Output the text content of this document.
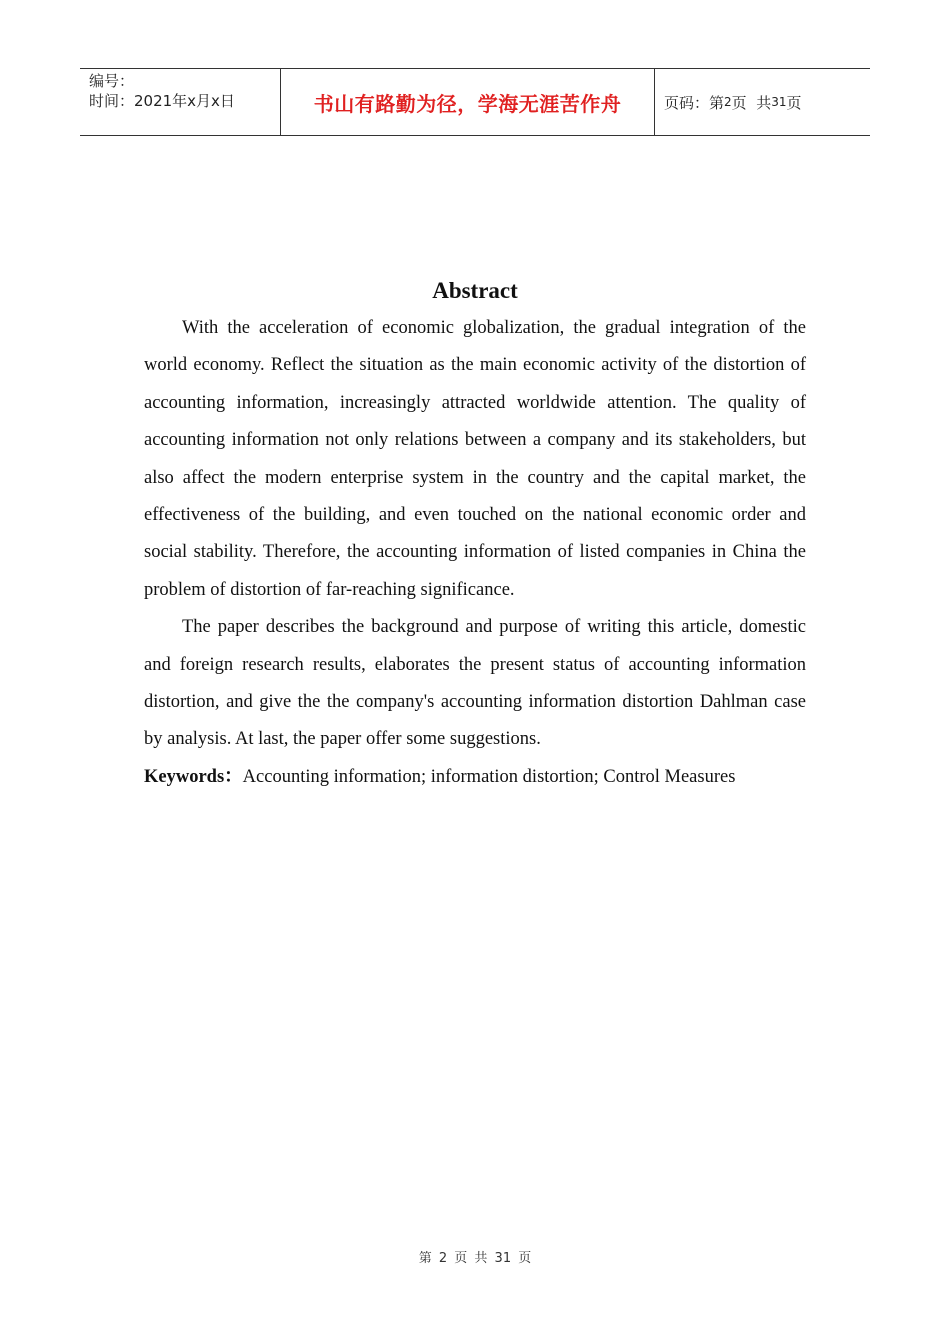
编号：
时间：2021年x月x日	书山有路勤为径，学海无涯苦作舟	页码：第 2 页  共 31 页
Abstract

With the acceleration of economic globalization, the gradual integration of the world economy. Reflect the situation as the main economic activity of the distortion of accounting information, increasingly attracted worldwide attention. The quality of accounting information not only relations between a company and its stakeholders, but also affect the modern enterprise system in the country and the capital market, the effectiveness of the building, and even touched on the national economic order and social stability. Therefore, the accounting information of listed companies in China the problem of distortion of far-reaching significance.

The paper describes the background and purpose of writing this article, domestic and foreign research results, elaborates the present status of accounting information distortion, and give the the company's accounting information distortion Dahlman case by analysis. At last, the paper offer some suggestions.

Keywords：Accounting information; information distortion; Control Measures
第 2 页 共 31 页
